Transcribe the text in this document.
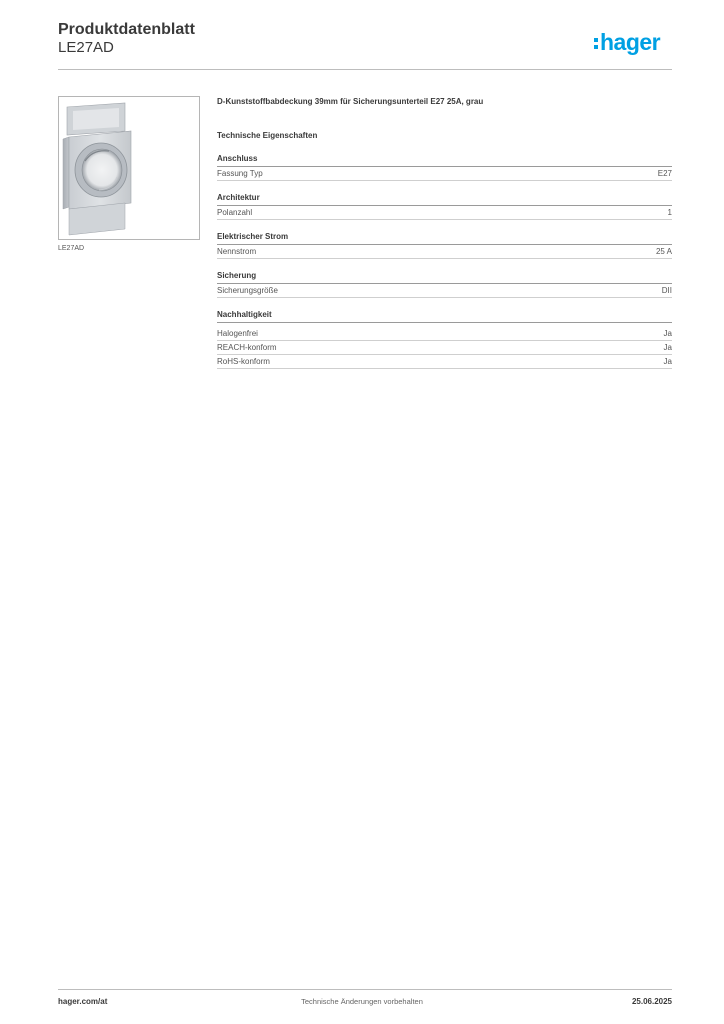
Produktdatenblatt
LE27AD	hager
LE27AD
D-Kunststoffbabdeckung 39mm für Sicherungsunterteil E27 25A, grau
Technische Eigenschaften
Anschluss
Fassung Typ	E27
Architektur
Polanzahl	1
Elektrischer Strom
Nennstrom	25 A
Sicherung
Sicherungsgröße	DII
Nachhaltigkeit
Halogenfrei	Ja
REACH-konform	Ja
RoHS-konform	Ja
hager.com/at	Technische Änderungen vorbehalten	25.06.2025
